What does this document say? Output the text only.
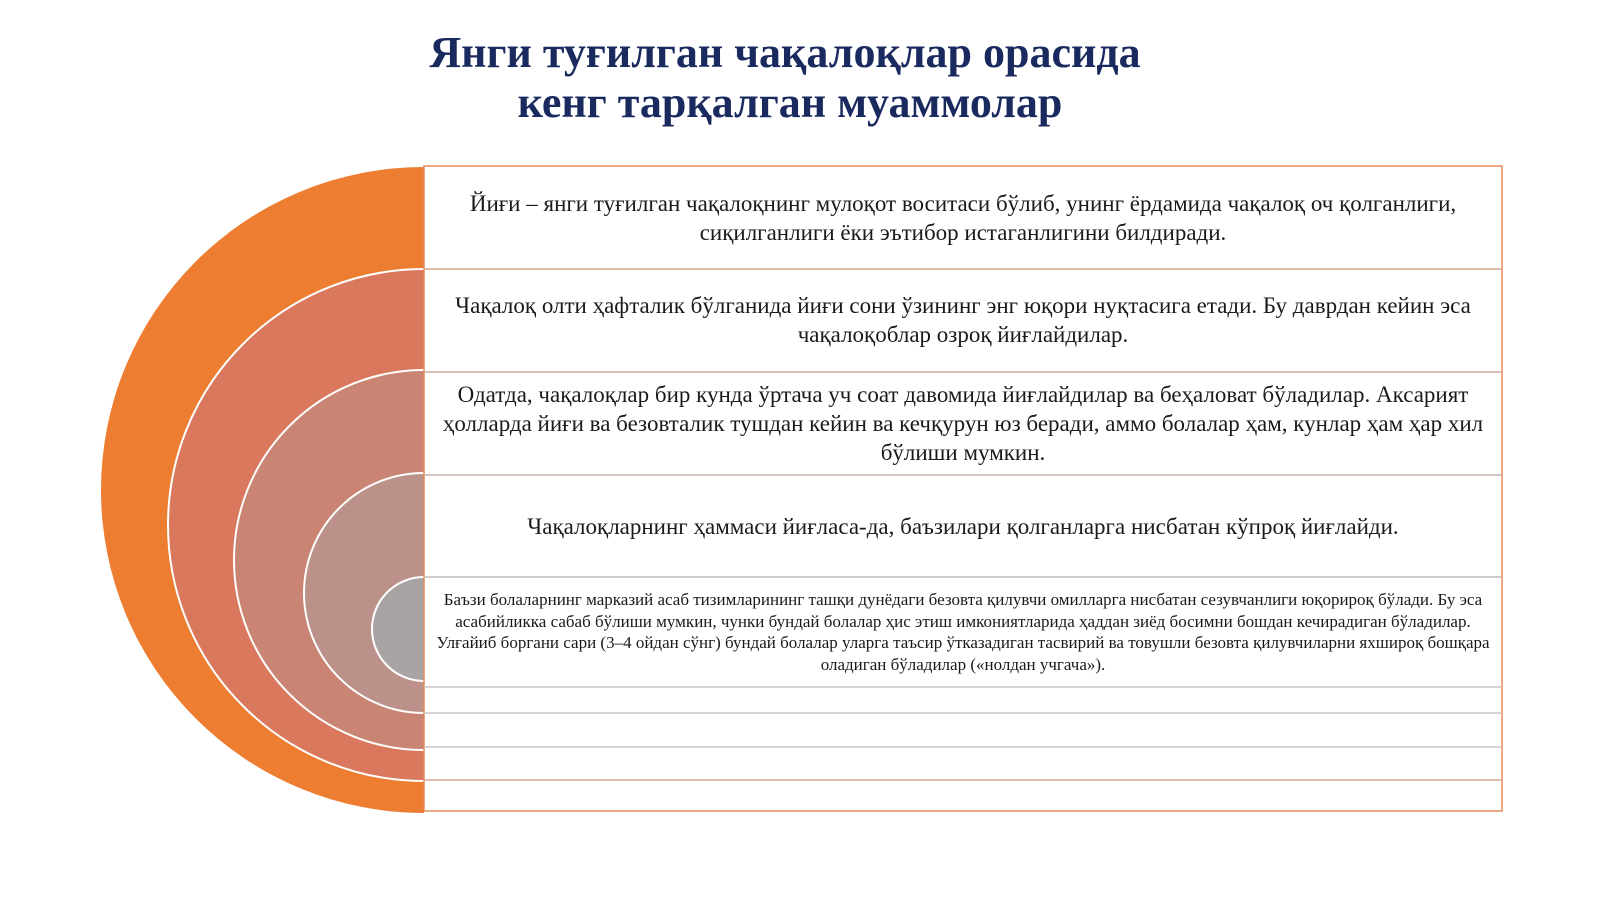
Янги туғилган чақалоқлар орасида
кенг тарқалган муаммолар
Йиғи – янги туғилган чақалоқнинг мулоқот воситаси бўлиб, унинг ёрдамида чақалоқ оч қолганлиги, сиқилганлиги ёки эътибор истаганлигини билдиради.
Чақалоқ олти ҳафталик бўлганида йиғи сони ўзининг энг юқори нуқтасига етади. Бу даврдан кейин эса чақалоқоблар озроқ йиғлайдилар.
Одатда, чақалоқлар бир кунда ўртача уч соат давомида йиғлайдилар ва беҳаловат бўладилар. Аксарият ҳолларда йиғи ва безовталик тушдан кейин ва кечқурун юз беради, аммо болалар ҳам, кунлар ҳам ҳар хил бўлиши мумкин.
Чақалоқларнинг ҳаммаси йиғласа-да, баъзилари қолганларга нисбатан кўпроқ йиғлайди.
Баъзи болаларнинг марказий асаб тизимларининг ташқи дунёдаги безовта қилувчи омилларга нисбатан сезувчанлиги юқорироқ бўлади. Бу эса асабийликка сабаб бўлиши мумкин, чунки бундай болалар ҳис этиш имкониятларида ҳаддан зиёд босимни бошдан кечирадиган бўладилар. Улғайиб боргани сари (3–4 ойдан сўнг) бундай болалар уларга таъсир ўтказадиган тасвирий ва товушли безовта қилувчиларни яхшироқ бошқара оладиган бўладилар («нолдан учгача»).
